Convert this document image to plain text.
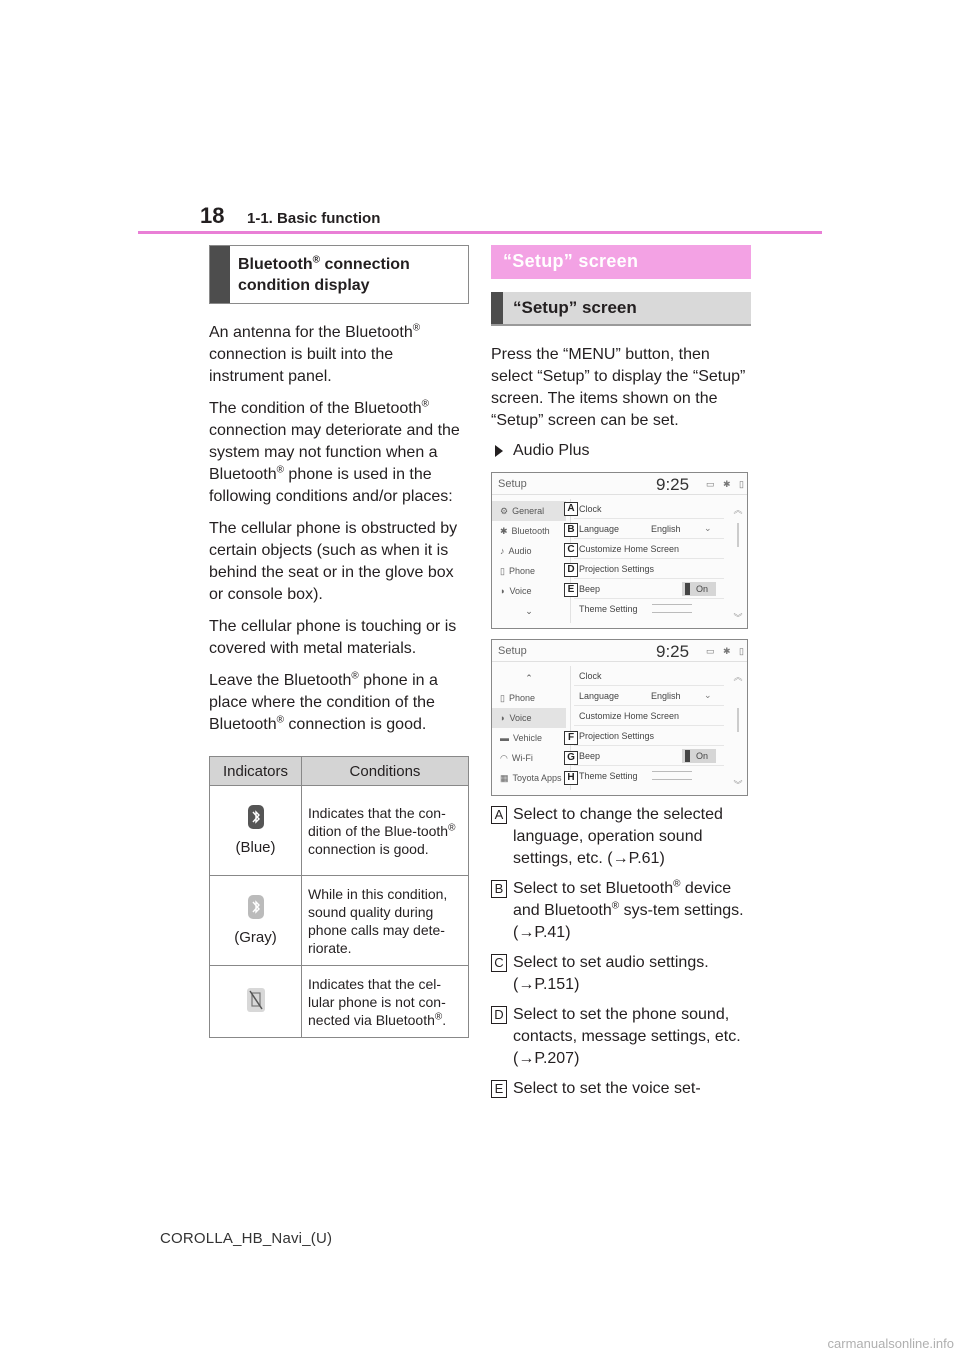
18 1-1. Basic function
Bluetooth® connection
condition display
An antenna for the Bluetooth®
connection is built into the instrument panel.
The condition of the Bluetooth® connection may deteriorate and the system may not function when a Bluetooth® phone is used in the following conditions and/or places:
The cellular phone is obstructed by certain objects (such as when it is behind the seat or in the glove box or console box).
The cellular phone is touching or is covered with metal materials.
Leave the Bluetooth® phone in a place where the condition of the Bluetooth® connection is good.
Indicators	Conditions

(Blue)	Indicates that the con-dition of the Blue-tooth® connection is good.

(Gray)	While in this condition, sound quality during phone calls may dete-riorate.
	Indicates that the cel-lular phone is not con-nected via Bluetooth®.
“Setup” screen
“Setup” screen
Press the “MENU” button, then select “Setup” to display the “Setup” screen. The items shown on the “Setup” screen can be set.
Audio Plus
Setup	9:25 ▭ ✱ ▯
⚙ General
✱ Bluetooth
♪ Audio
▯ Phone
◗ Voice
⌄
Clock
Language	English	⌄
Customize Home Screen
Projection Settings
Beep	On
Theme Setting
︽
︾
A
B
C
D
E
Setup	9:25 ▭ ✱ ▯
⌃
▯ Phone
◗ Voice
▬ Vehicle
◠ Wi-Fi
▦ Toyota Apps
Clock
Language	English	⌄
Customize Home Screen
Projection Settings
Beep	On
Theme Setting
︽
︾
F
G
H
A Select to change the selected language, operation sound settings, etc. (→P.61)
B Select to set Bluetooth® device and Bluetooth® sys-tem settings. (→P.41)
C Select to set audio settings. (→P.151)
D Select to set the phone sound, contacts, message settings, etc. (→P.207)
E Select to set the voice set-
COROLLA_HB_Navi_(U)
carmanualsonline.info
